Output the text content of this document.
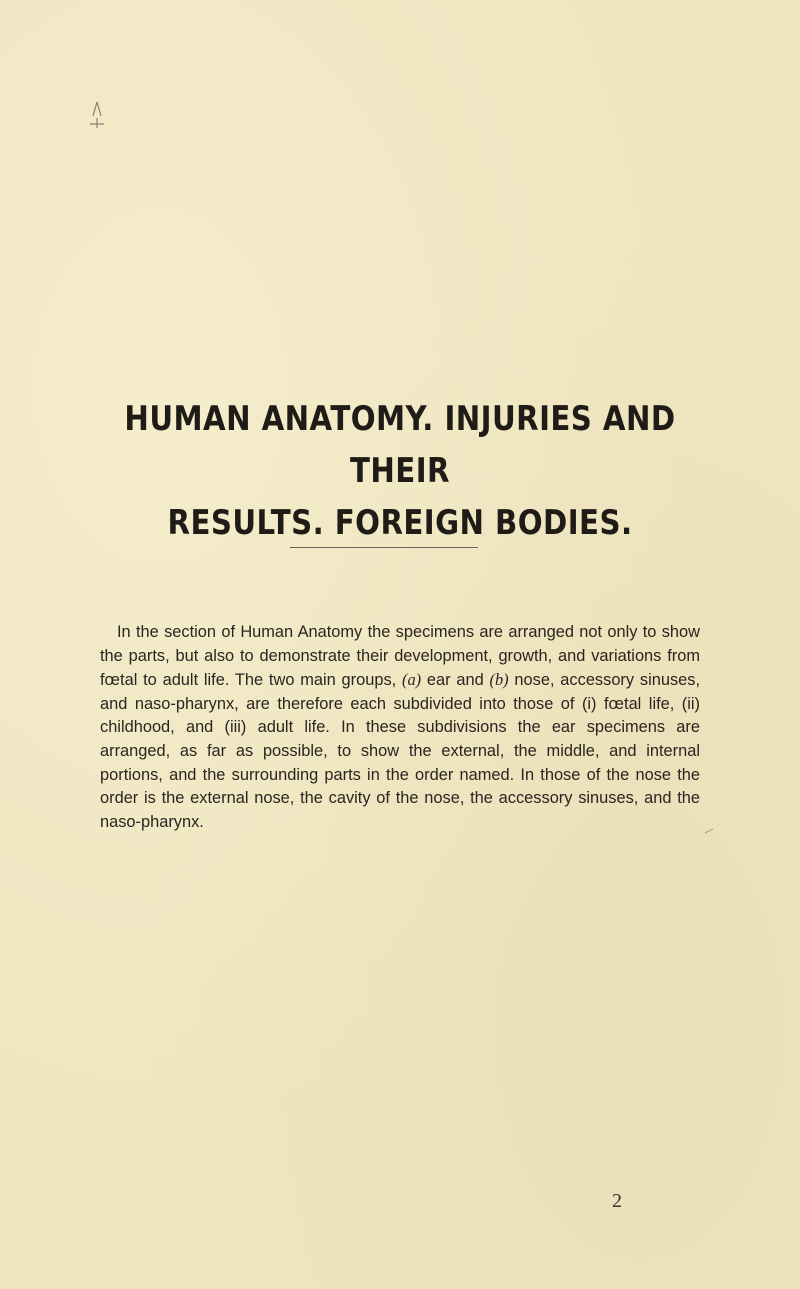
HUMAN ANATOMY. INJURIES AND THEIR
RESULTS. FOREIGN BODIES.

In the section of Human Anatomy the specimens are arranged not only to show the parts, but also to demonstrate their development, growth, and variations from fœtal to adult life. The two main groups, (a) ear and (b) nose, accessory sinuses, and naso-pharynx, are therefore each subdivided into those of (i) fœtal life, (ii) childhood, and (iii) adult life. In these subdivisions the ear specimens are arranged, as far as possible, to show the external, the middle, and internal portions, and the surrounding parts in the order named. In those of the nose the order is the external nose, the cavity of the nose, the accessory sinuses, and the naso-pharynx.

2
